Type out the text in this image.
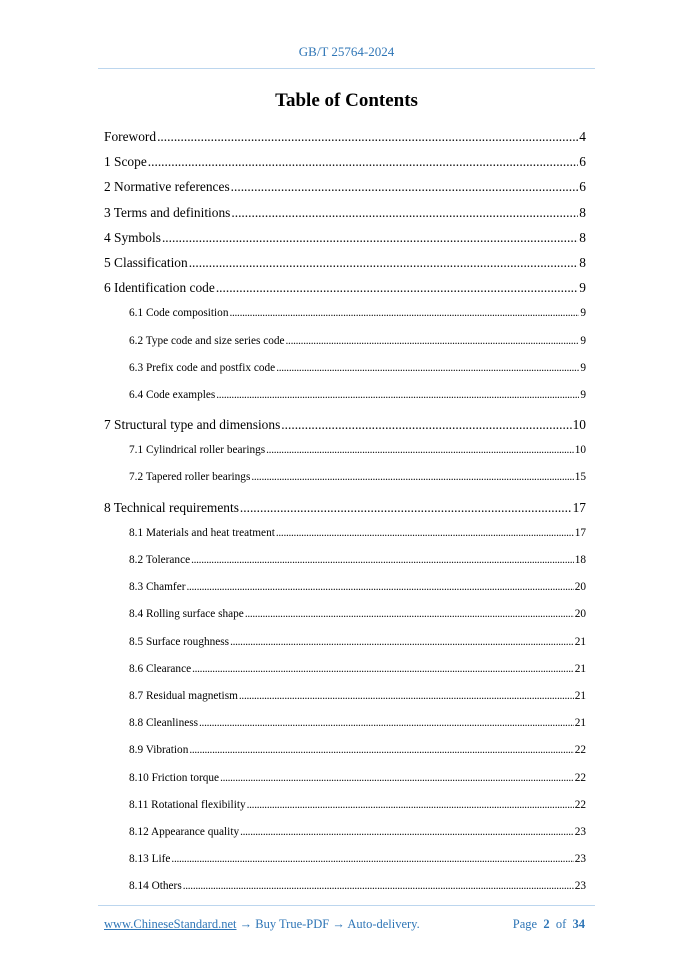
GB/T 25764-2024
Table of Contents
Foreword .....	4
1 Scope .....	6
2 Normative references .....	6
3 Terms and definitions .....	8
4 Symbols .....	8
5 Classification .....	8
6 Identification code .....	9
6.1 Code composition .....	9
6.2 Type code and size series code .....	9
6.3 Prefix code and postfix code .....	9
6.4 Code examples .....	9
7 Structural type and dimensions .....	10
7.1 Cylindrical roller bearings .....	10
7.2 Tapered roller bearings .....	15
8 Technical requirements .....	17
8.1 Materials and heat treatment .....	17
8.2 Tolerance .....	18
8.3 Chamfer .....	20
8.4 Rolling surface shape .....	20
8.5 Surface roughness .....	21
8.6 Clearance .....	21
8.7 Residual magnetism .....	21
8.8 Cleanliness .....	21
8.9 Vibration .....	22
8.10 Friction torque .....	22
8.11 Rotational flexibility .....	22
8.12 Appearance quality .....	23
8.13 Life .....	23
8.14 Others .....	23
www.ChineseStandard.net → Buy True-PDF → Auto-delivery.	Page 2 of 34
